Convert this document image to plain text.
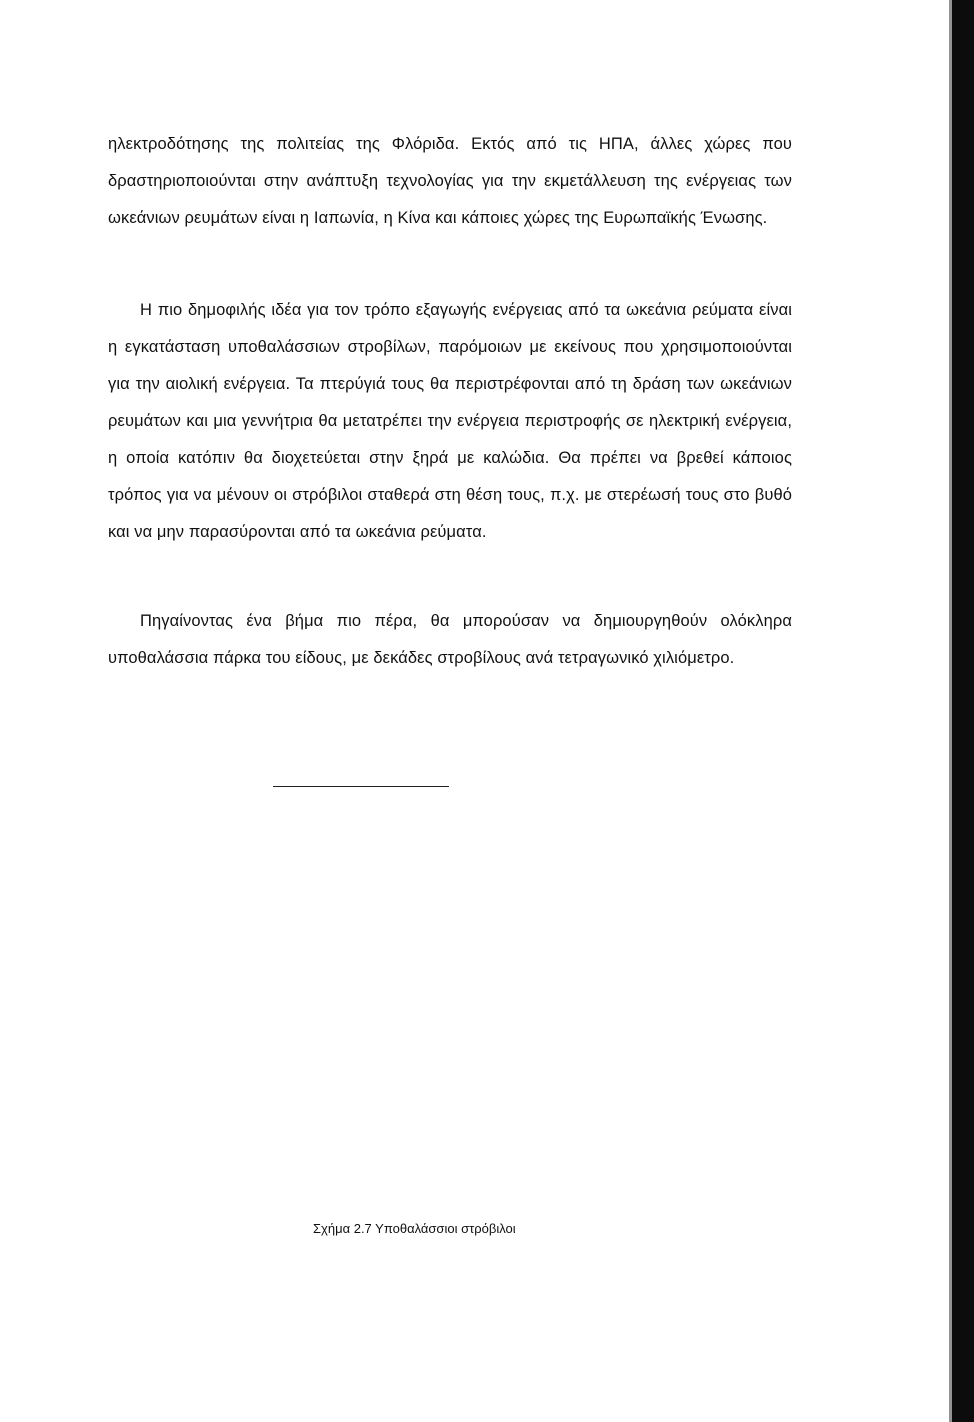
ηλεκτροδότησης της πολιτείας της Φλόριδα. Εκτός από τις ΗΠΑ, άλλες χώρες που δραστηριοποιούνται στην ανάπτυξη τεχνολογίας για την εκμετάλλευση της ενέργειας των ωκεάνιων ρευμάτων είναι η Ιαπωνία, η Κίνα και κάποιες χώρες της Ευρωπαϊκής Ένωσης.

Η πιο δημοφιλής ιδέα για τον τρόπο εξαγωγής ενέργειας από τα ωκεάνια ρεύματα είναι η εγκατάσταση υποθαλάσσιων στροβίλων, παρόμοιων με εκείνους που χρησιμοποιούνται για την αιολική ενέργεια. Τα πτερύγιά τους θα περιστρέφονται από τη δράση των ωκεάνιων ρευμάτων και μια γεννήτρια θα μετατρέπει την ενέργεια περιστροφής σε ηλεκτρική ενέργεια, η οποία κατόπιν θα διοχετεύεται στην ξηρά με καλώδια. Θα πρέπει να βρεθεί κάποιος τρόπος για να μένουν οι στρόβιλοι σταθερά στη θέση τους, π.χ. με στερέωσή τους στο βυθό και να μην παρασύρονται από τα ωκεάνια ρεύματα.

Πηγαίνοντας ένα βήμα πιο πέρα, θα μπορούσαν να δημιουργηθούν ολόκληρα υποθαλάσσια πάρκα του είδους, με δεκάδες στροβίλους ανά τετραγωνικό χιλιόμετρο.

Σχήμα 2.7 Υποθαλάσσιοι στρόβιλοι
